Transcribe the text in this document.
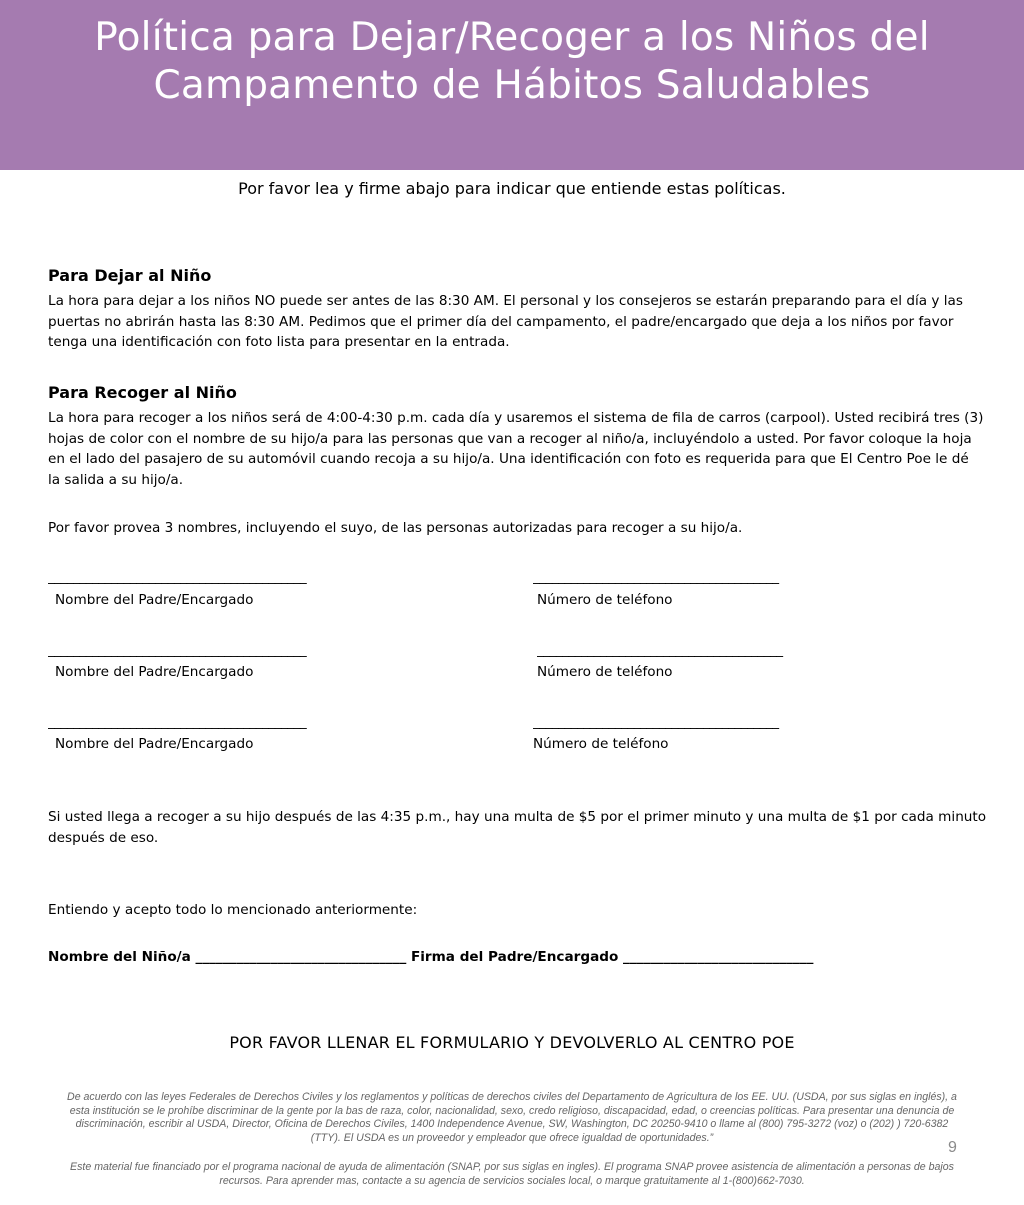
Política para Dejar/Recoger a los Niños del
Campamento de Hábitos Saludables

Por favor lea y firme abajo para indicar que entiende estas políticas.

Para Dejar al Niño
La hora para dejar a los niños NO puede ser antes de las 8:30 AM. El personal y los consejeros se estarán preparando para el día y las
puertas no abrirán hasta las 8:30 AM. Pedimos que el primer día del campamento, el padre/encargado que deja a los niños por favor
tenga una identificación con foto lista para presentar en la entrada.
Para Recoger al Niño
La hora para recoger a los niños será de 4:00-4:30 p.m. cada día y usaremos el sistema de fila de carros (carpool). Usted recibirá tres (3)
hojas de color con el nombre de su hijo/a para las personas que van a recoger al niño/a, incluyéndolo a usted. Por favor coloque la hoja
en el lado del pasajero de su automóvil cuando recoja a su hijo/a. Una identificación con foto es requerida para que El Centro Poe le dé
la salida a su hijo/a.

Por favor provea 3 nombres, incluyendo el suyo, de las personas autorizadas para recoger a su hijo/a.

_________________________________________	_______________________________________
Nombre del Padre/Encargado	Número de teléfono
_________________________________________	_______________________________________
Nombre del Padre/Encargado	Número de teléfono
_________________________________________	_______________________________________
Nombre del Padre/Encargado	Número de teléfono
Si usted llega a recoger a su hijo después de las 4:35 p.m., hay una multa de $5 por el primer minuto y una multa de $1 por cada minuto
después de eso.

Entiendo y acepto todo lo mencionado anteriormente:

Nombre del Niño/a _______________________________ Firma del Padre/Encargado ____________________________

POR FAVOR LLENAR EL FORMULARIO Y DEVOLVERLO AL CENTRO POE

De acuerdo con las leyes Federales de Derechos Civiles y los reglamentos y políticas de derechos civiles del Departamento de Agricultura de los EE. UU. (USDA, por sus siglas en inglés), a
esta institución se le prohíbe discriminar de la gente por la bas de raza, color, nacionalidad, sexo, credo religioso, discapacidad, edad, o creencias políticas. Para presentar una denuncia de
discriminación, escribir al USDA, Director, Oficina de Derechos Civiles, 1400 Independence Avenue, SW, Washington, DC 20250-9410 o llame al (800) 795-3272 (voz) o (202) ) 720-6382
(TTY). El USDA es un proveedor y empleador que ofrece igualdad de oportunidades.”
9
Este material fue financiado por el programa nacional de ayuda de alimentación (SNAP, por sus siglas en ingles). El programa SNAP provee asistencia de alimentación a personas de bajos
recursos. Para aprender mas, contacte a su agencia de servicios sociales local, o marque gratuitamente al 1-(800)662-7030.
